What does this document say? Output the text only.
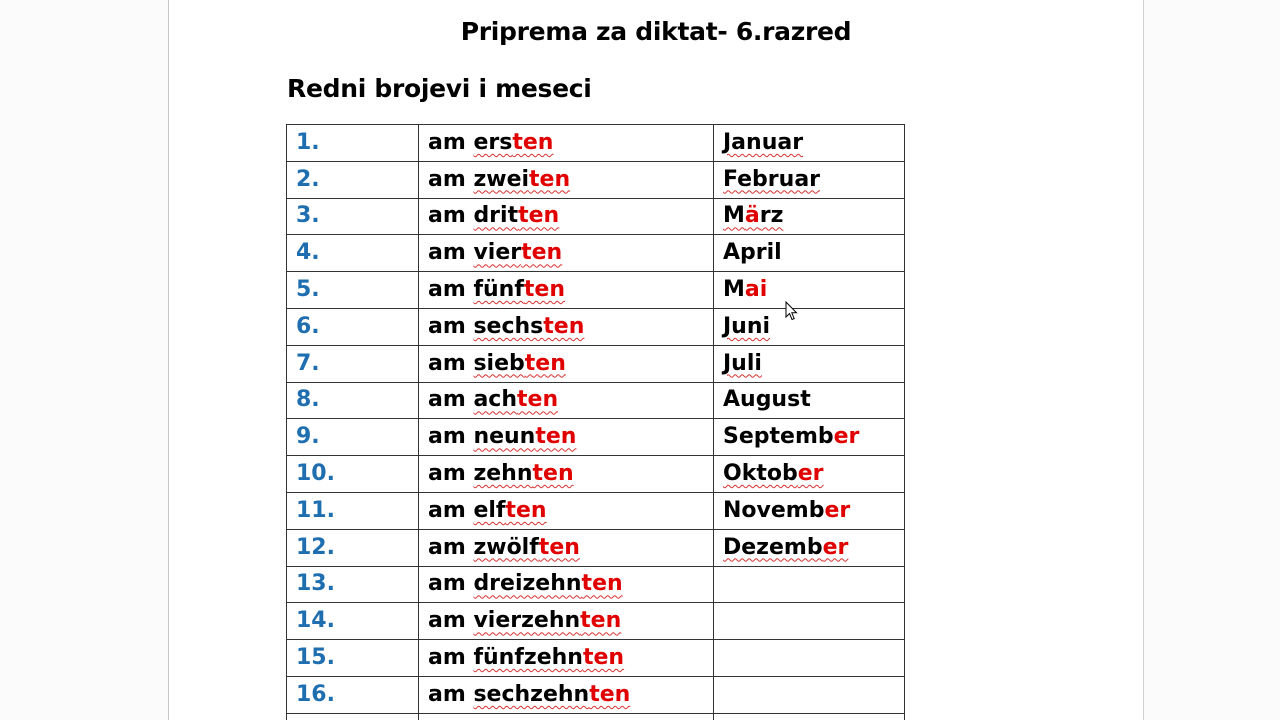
Priprema za diktat- 6.razred
Redni brojevi i meseci
1.	am ersten	Januar
2.	am zweiten	Februar
3.	am dritten	März
4.	am vierten	April
5.	am fünften	Mai
6.	am sechsten	Juni
7.	am siebten	Juli
8.	am achten	August
9.	am neunten	September
10.	am zehnten	Oktober
11.	am elften	November
12.	am zwölften	Dezember
13.	am dreizehnten	
14.	am vierzehnten	
15.	am fünfzehnten	
16.	am sechzehnten	
